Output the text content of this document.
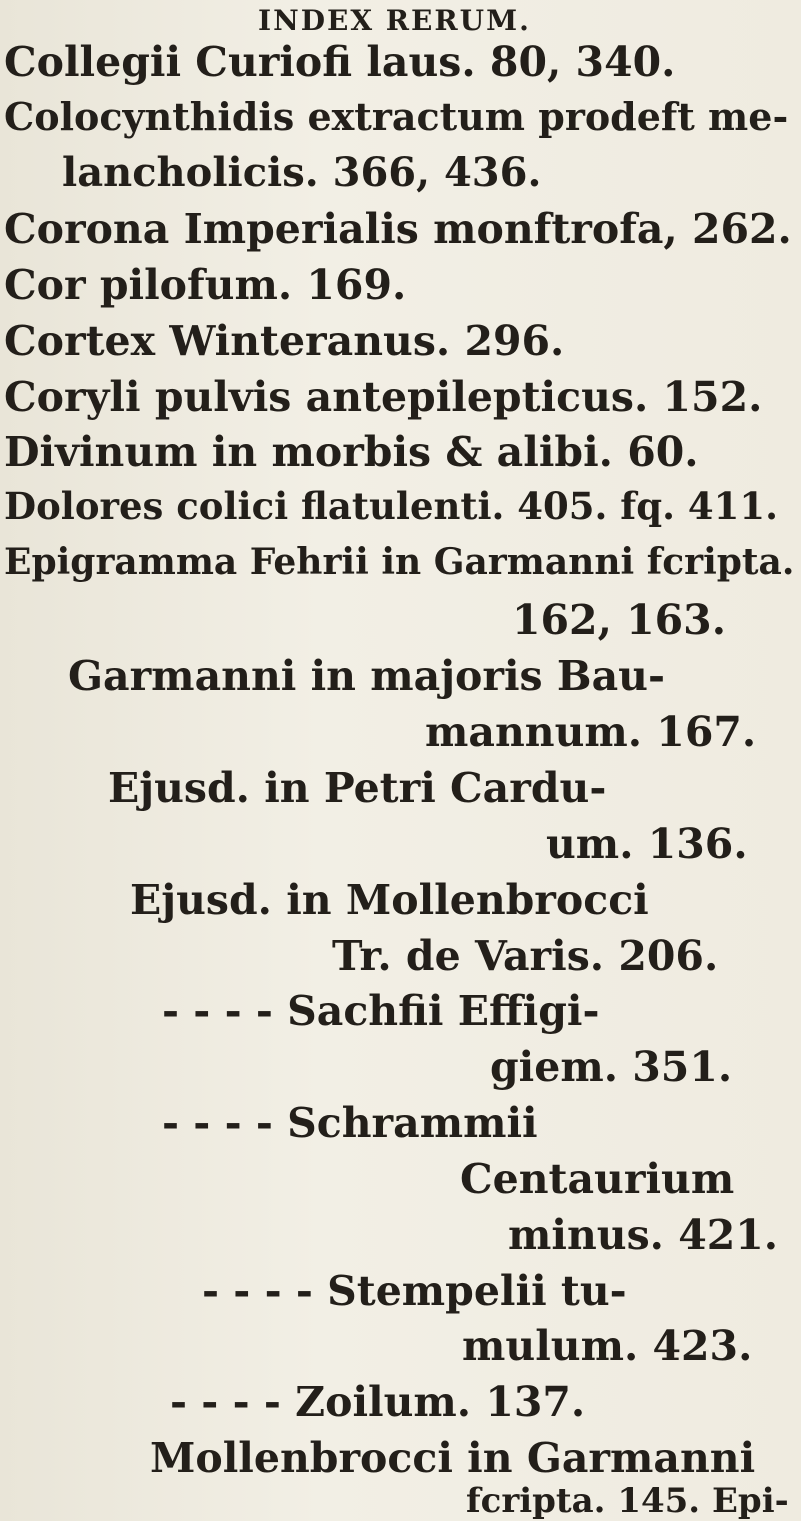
INDEX RERUM.
Collegii Curiofi laus. 80, 340.
Colocynthidis extractum prodeft me-
lancholicis. 366, 436.
Corona Imperialis monftrofa, 262.
Cor pilofum. 169.
Cortex Winteranus. 296.
Coryli pulvis antepilepticus. 152.
Divinum in morbis & alibi. 60.
Dolores colici flatulenti. 405. fq. 411.
Epigramma Fehrii in Garmanni fcripta.
162, 163.
Garmanni in majoris Bau-
mannum. 167.
Ejusd. in Petri Cardu-
um. 136.
Ejusd. in Mollenbrocci
Tr. de Varis. 206.
- - - - Sachfii Effigi-
giem. 351.
- - - - Schrammii
Centaurium
minus. 421.
- - - - Stempelii tu-
mulum. 423.
- - - - Zoilum. 137.
Mollenbrocci in Garmanni
fcripta. 145. Epi-
